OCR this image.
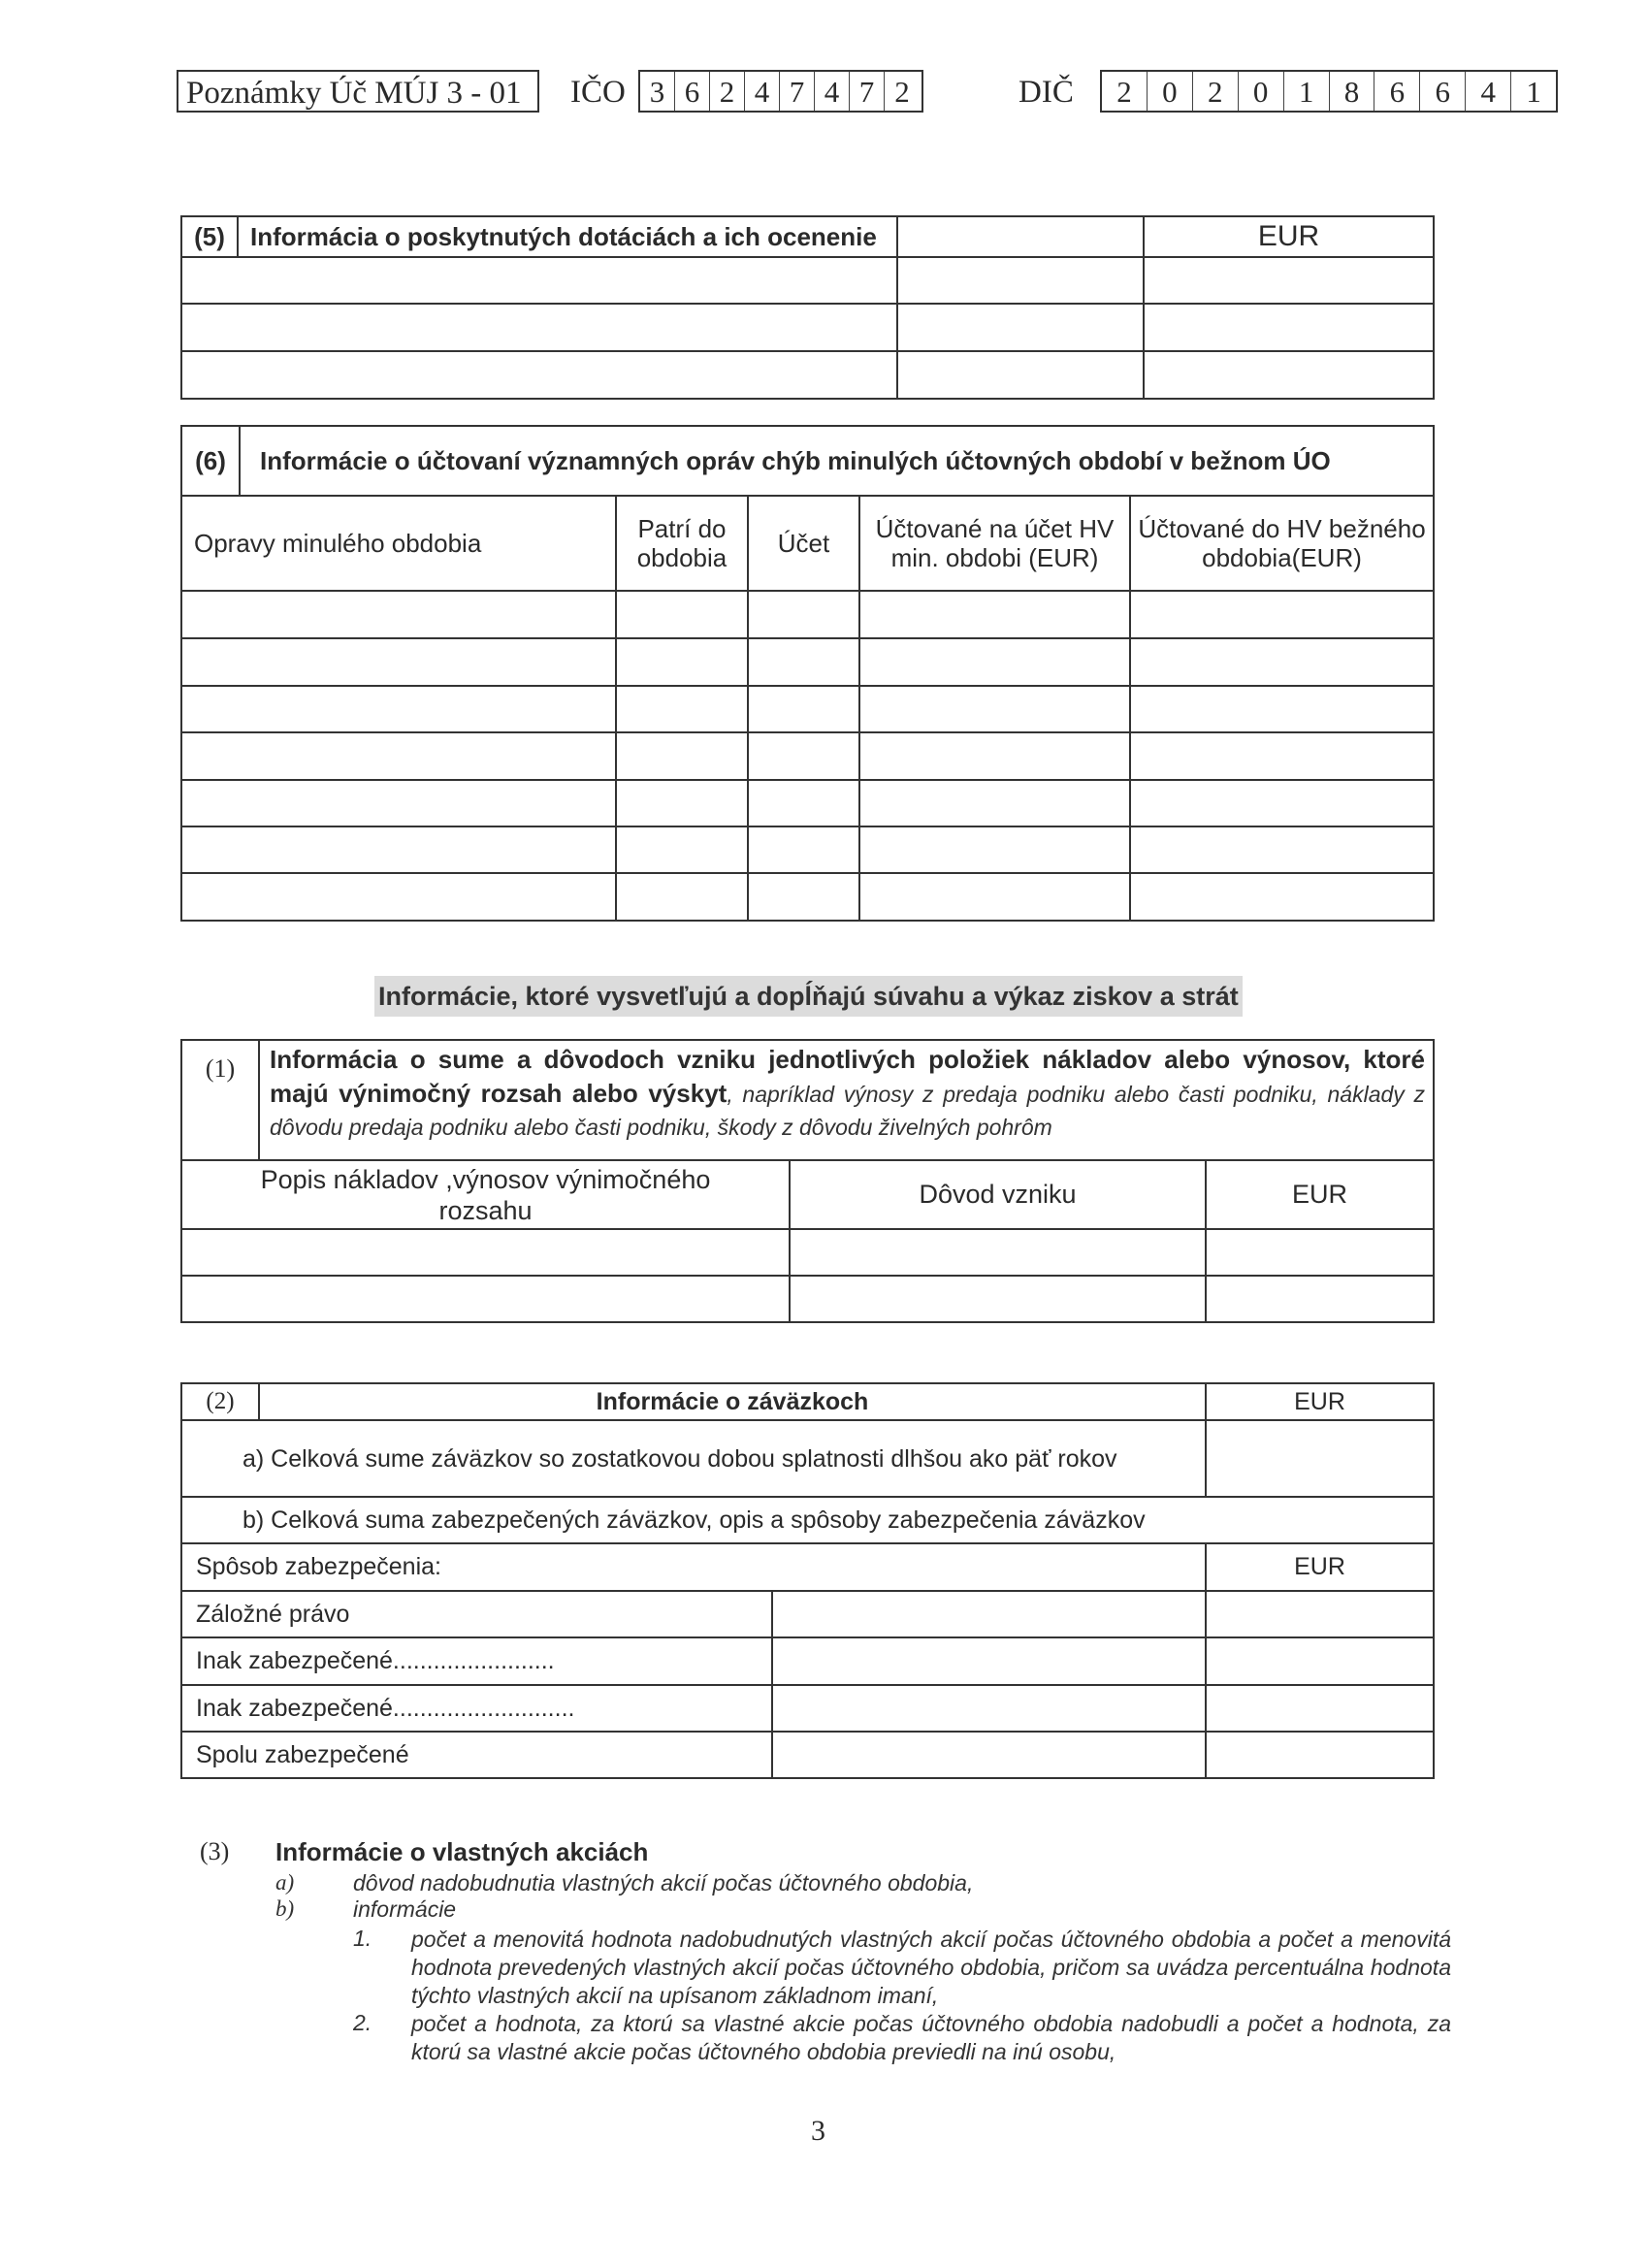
Poznámky Úč MÚJ 3 - 01	IČO 3 6 2 4 7 4 7 2	DIČ	2	0	2	0	1	8	6	6	4	1
(5)	Informácia o poskytnutých dotáciách a ich ocenenie		EUR

(6)	Informácie o účtovaní významných opráv chýb minulých účtovných období v bežnom ÚO				
Opravy minulého obdobia		Patrí do obdobia	Účet	Účtované na účet HV min. obdobi (EUR)	Účtované do HV bežného obdobia(EUR)

Informácie, ktoré vysvetľujú a dopĺňajú súvahu a výkaz ziskov a strát
(1)	Informácia o sume a dôvodoch vzniku jednotlivých položiek nákladov alebo výnosov, ktoré majú výnimočný rozsah alebo výskyt, napríklad výnosy z predaja podniku alebo časti podniku, náklady z dôvodu predaja podniku alebo časti podniku, škody z dôvodu živelných pohrôm		
Popis nákladov ,výnosov výnimočného rozsahu		Dôvod vzniku	EUR

(2)	Informácie o záväzkoch		EUR
a) Celková sume záväzkov so zostatkovou dobou splatnosti dlhšou ako päť rokov			
b) Celková suma zabezpečených záväzkov, opis a spôsoby zabezpečenia záväzkov			
Spôsob zabezpečenia:			EUR
Záložné právo			
Inak zabezpečené........................			
Inak zabezpečené...........................			
Spolu zabezpečené			
(3) Informácie o vlastných akciách
a)	dôvod nadobudnutia vlastných akcií počas účtovného obdobia,
b)	informácie
1. počet a menovitá hodnota nadobudnutých vlastných akcií počas účtovného obdobia a počet a menovitá hodnota prevedených vlastných akcií počas účtovného obdobia, pričom sa uvádza percentuálna hodnota týchto vlastných akcií na upísanom základnom imaní,
2. počet a hodnota, za ktorú sa vlastné akcie počas účtovného obdobia nadobudli a počet a hodnota, za ktorú sa vlastné akcie počas účtovného obdobia previedli na inú osobu,
3
